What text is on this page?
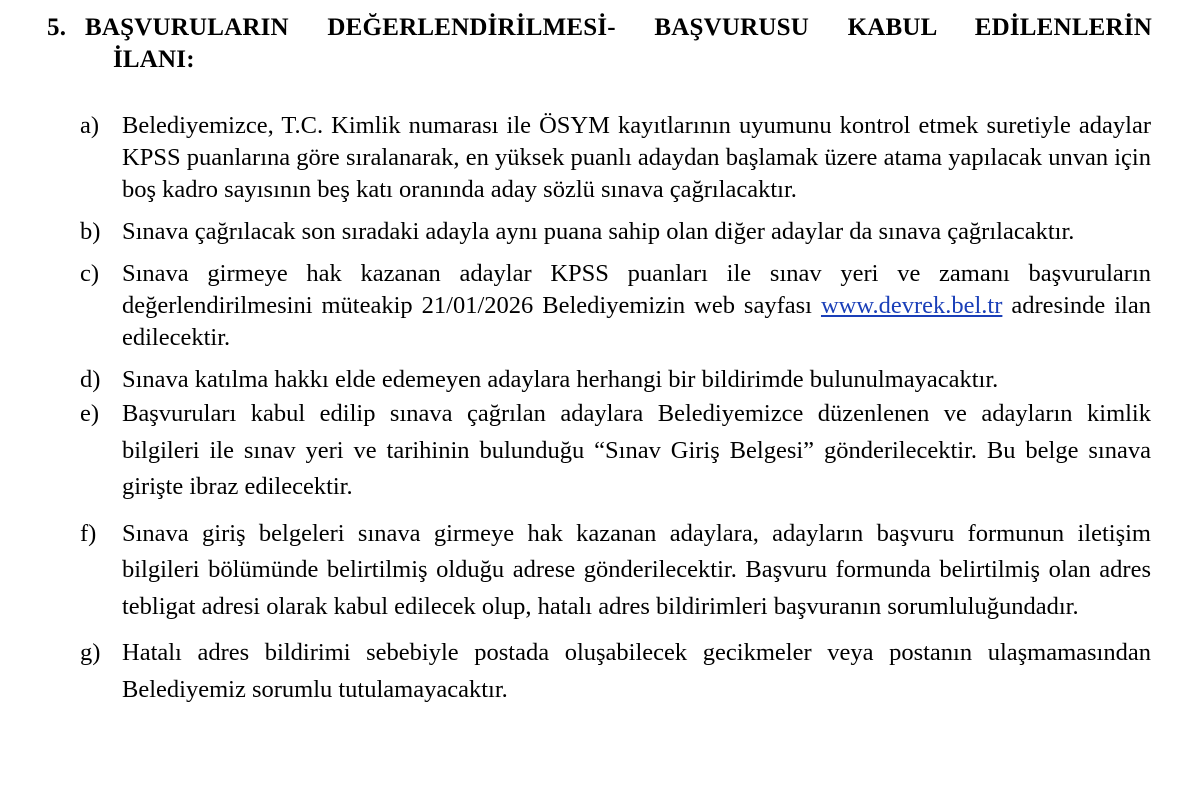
5. BAŞVURULARIN DEĞERLENDİRİLMESİ- BAŞVURUSU KABUL EDİLENLERİN
İLANI:
a) Belediyemizce, T.C. Kimlik numarası ile ÖSYM kayıtlarının uyumunu kontrol etmek suretiyle adaylar KPSS puanlarına göre sıralanarak, en yüksek puanlı adaydan başlamak üzere atama yapılacak unvan için boş kadro sayısının beş katı oranında aday sözlü sınava çağrılacaktır.
b) Sınava çağrılacak son sıradaki adayla aynı puana sahip olan diğer adaylar da sınava çağrılacaktır.
c) Sınava girmeye hak kazanan adaylar KPSS puanları ile sınav yeri ve zamanı başvuruların değerlendirilmesini müteakip 21/01/2026 Belediyemizin web sayfası www.devrek.bel.tr adresinde ilan edilecektir.
d) Sınava katılma hakkı elde edemeyen adaylara herhangi bir bildirimde bulunulmayacaktır.
e) Başvuruları kabul edilip sınava çağrılan adaylara Belediyemizce düzenlenen ve adayların kimlik bilgileri ile sınav yeri ve tarihinin bulunduğu “Sınav Giriş Belgesi” gönderilecektir. Bu belge sınava girişte ibraz edilecektir.
f)	Sınava giriş belgeleri sınava girmeye hak kazanan adaylara, adayların başvuru formunun iletişim bilgileri bölümünde belirtilmiş olduğu adrese gönderilecektir. Başvuru formunda belirtilmiş olan adres tebligat adresi olarak kabul edilecek olup, hatalı adres bildirimleri başvuranın sorumluluğundadır.
g) Hatalı adres bildirimi sebebiyle postada oluşabilecek gecikmeler veya postanın ulaşmamasından Belediyemiz sorumlu tutulamayacaktır.
